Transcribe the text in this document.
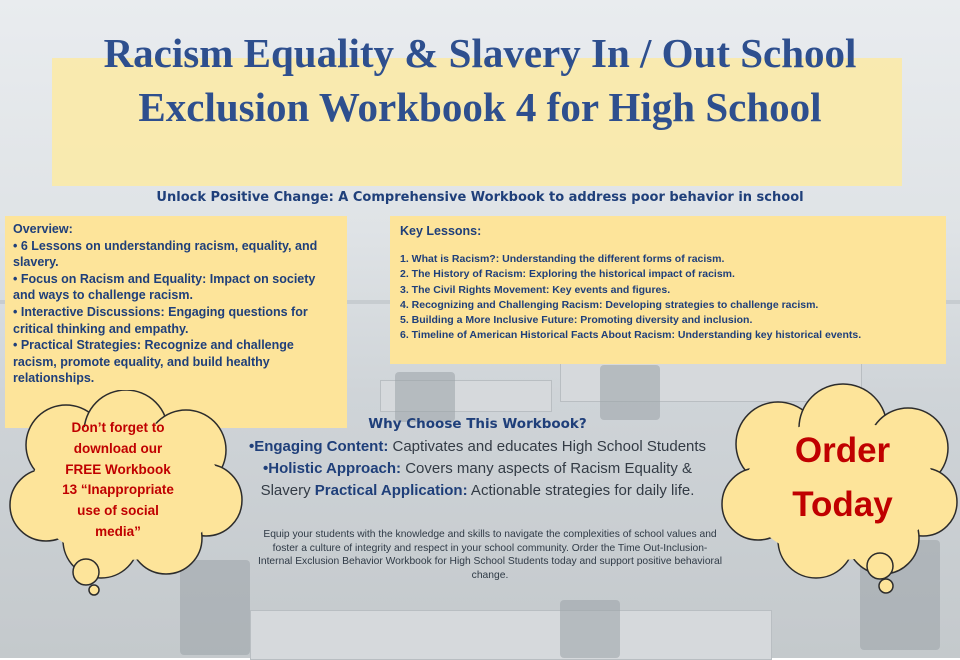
Racism Equality & Slavery In / Out School Exclusion Workbook 4 for High School
Unlock Positive Change: A Comprehensive Workbook to address poor behavior in school
Overview:
• 6 Lessons on understanding racism, equality, and slavery.
• Focus on Racism and Equality: Impact on society and ways to challenge racism.
• Interactive Discussions: Engaging questions for critical thinking and empathy.
• Practical Strategies: Recognize and challenge racism, promote equality, and build healthy relationships.
Key Lessons:
1. What is Racism?: Understanding the different forms of racism.
2. The History of Racism: Exploring the historical impact of racism.
3. The Civil Rights Movement: Key events and figures.
4. Recognizing and Challenging Racism: Developing strategies to challenge racism.
5. Building a More Inclusive Future: Promoting diversity and inclusion.
6. Timeline of American Historical Facts About Racism: Understanding key historical events.
Don’t forget to
download our
FREE Workbook
13 “Inappropriate
use of social
media”
Why Choose This Workbook?
•Engaging Content: Captivates and educates High School Students
•Holistic Approach: Covers many aspects of Racism Equality &
Slavery Practical Application: Actionable strategies for daily life.
Equip your students with the knowledge and skills to navigate the complexities of school values and foster a culture of integrity and respect in your school community. Order the Time Out-Inclusion- Internal Exclusion Behavior Workbook for High School Students today and support positive behavioral change.
Order
Today
